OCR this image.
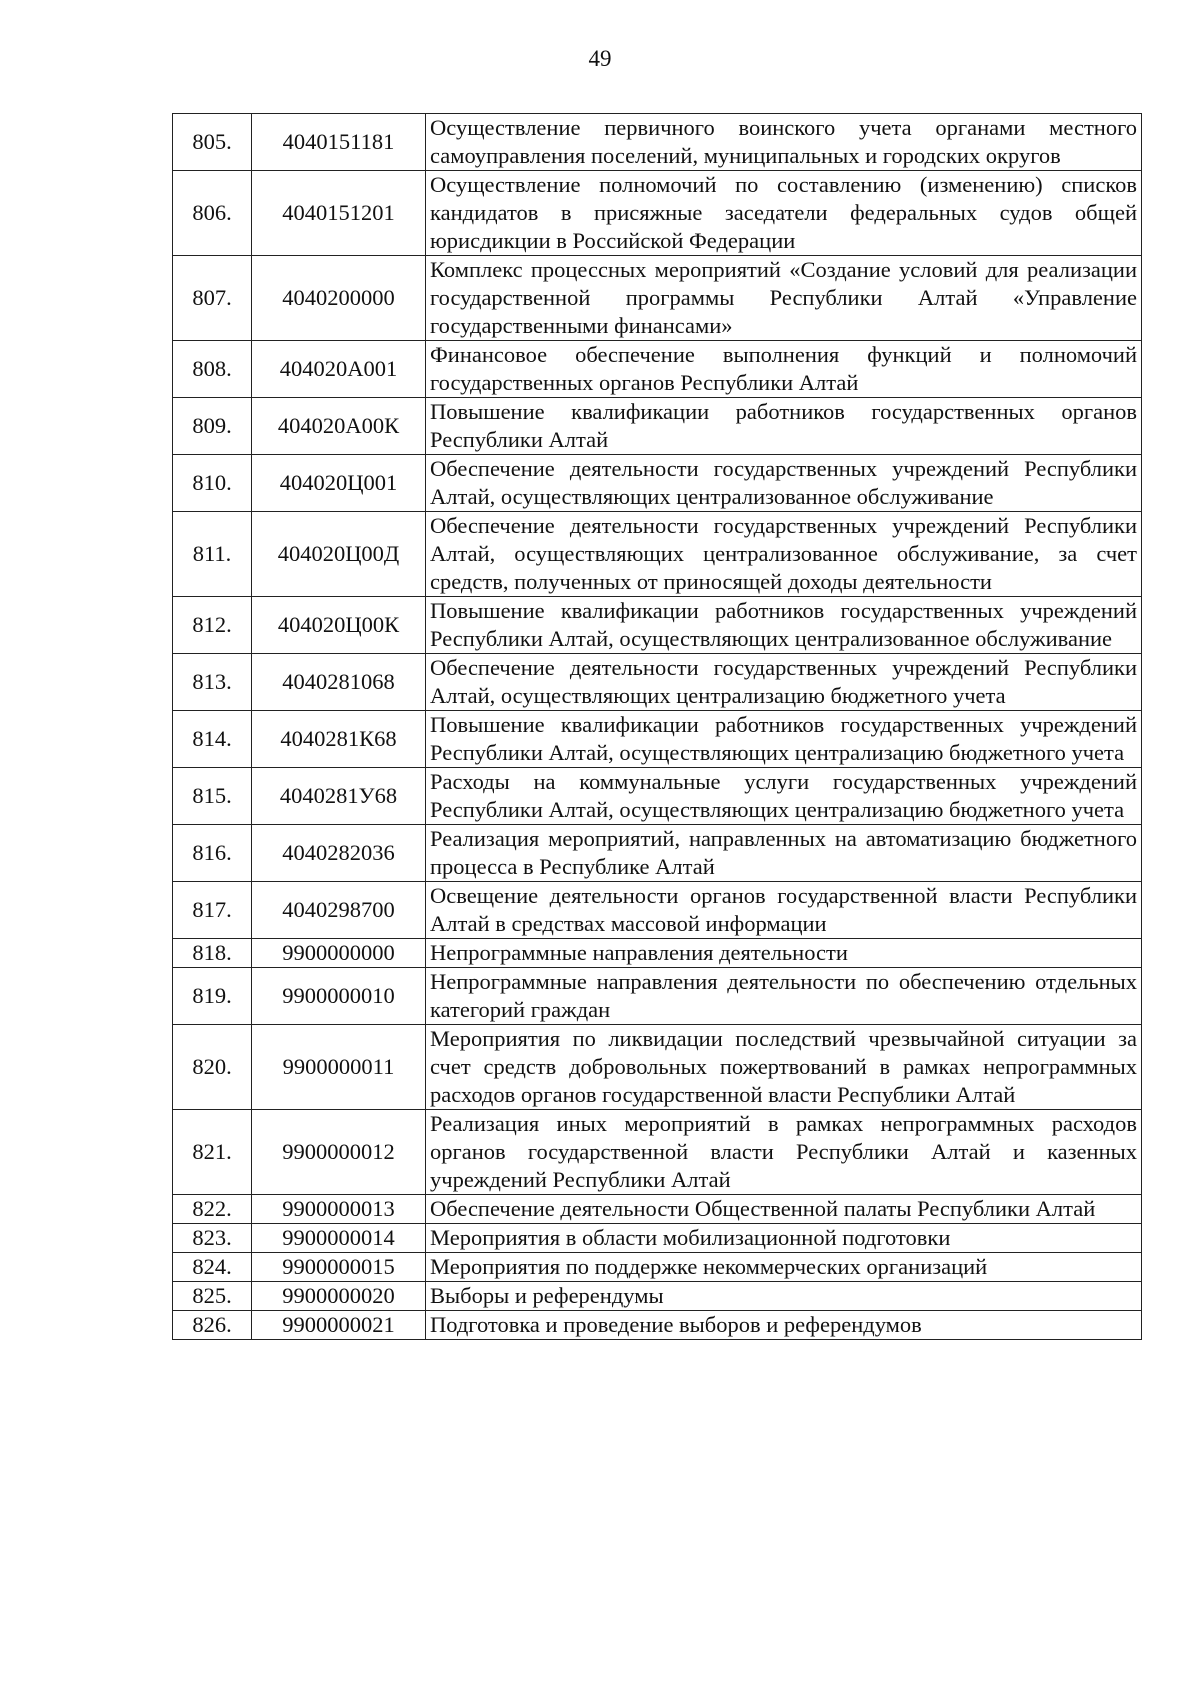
49
805.	4040151181	Осуществление первичного воинского учета органами местного самоуправления поселений, муниципальных и городских округов
806.	4040151201	Осуществление полномочий по составлению (изменению) списков кандидатов в присяжные заседатели федеральных судов общей юрисдикции в Российской Федерации
807.	4040200000	Комплекс процессных мероприятий «Создание условий для реализации государственной программы Республики Алтай «Управление государственными финансами»
808.	404020А001	Финансовое обеспечение выполнения функций и полномочий государственных органов Республики Алтай
809.	404020А00К	Повышение квалификации работников государственных органов Республики Алтай
810.	404020Ц001	Обеспечение деятельности государственных учреждений Республики Алтай, осуществляющих централизованное обслуживание
811.	404020Ц00Д	Обеспечение деятельности государственных учреждений Республики Алтай, осуществляющих централизованное обслуживание, за счет средств, полученных от приносящей доходы деятельности
812.	404020Ц00К	Повышение квалификации работников государственных учреждений Республики Алтай, осуществляющих централизованное обслуживание
813.	4040281068	Обеспечение деятельности государственных учреждений Республики Алтай, осуществляющих централизацию бюджетного учета
814.	4040281К68	Повышение квалификации работников государственных учреждений Республики Алтай, осуществляющих централизацию бюджетного учета
815.	4040281У68	Расходы на коммунальные услуги государственных учреждений Республики Алтай, осуществляющих централизацию бюджетного учета
816.	4040282036	Реализация мероприятий, направленных на автоматизацию бюджетного процесса в Республике Алтай
817.	4040298700	Освещение деятельности органов государственной власти Республики Алтай в средствах массовой информации
818.	9900000000	Непрограммные направления деятельности
819.	9900000010	Непрограммные направления деятельности по обеспечению отдельных категорий граждан
820.	9900000011	Мероприятия по ликвидации последствий чрезвычайной ситуации за счет средств добровольных пожертвований в рамках непрограммных расходов органов государственной власти Республики Алтай
821.	9900000012	Реализация иных мероприятий в рамках непрограммных расходов органов государственной власти Республики Алтай и казенных учреждений Республики Алтай
822.	9900000013	Обеспечение деятельности Общественной палаты Республики Алтай
823.	9900000014	Мероприятия в области мобилизационной подготовки
824.	9900000015	Мероприятия по поддержке некоммерческих организаций
825.	9900000020	Выборы и референдумы
826.	9900000021	Подготовка и проведение выборов и референдумов
